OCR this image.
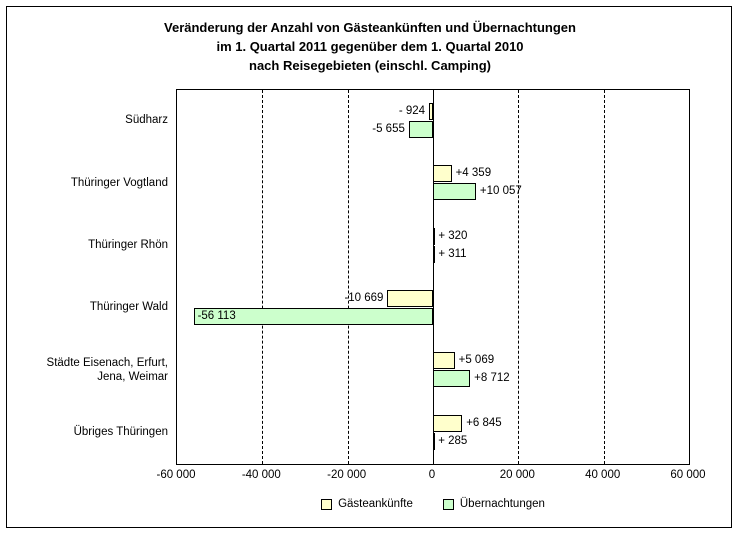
Veränderung der Anzahl von Gästeankünften und Übernachtungen
im 1. Quartal 2011 gegenüber dem 1. Quartal 2010
nach Reisegebieten (einschl. Camping)
Südharz
Thüringer Vogtland
Thüringer Rhön
Thüringer Wald
Städte Eisenach, Erfurt,
Jena, Weimar
Übriges Thüringen
- 924
-5 655
+4 359
+10 057
+ 320
+ 311
-10 669
-56 113
+5 069
+8 712
+6 845
+ 285
-60 000	-40 000	-20 000	0	20 000	40 000	60 000
Gästeankünfte	Übernachtungen
